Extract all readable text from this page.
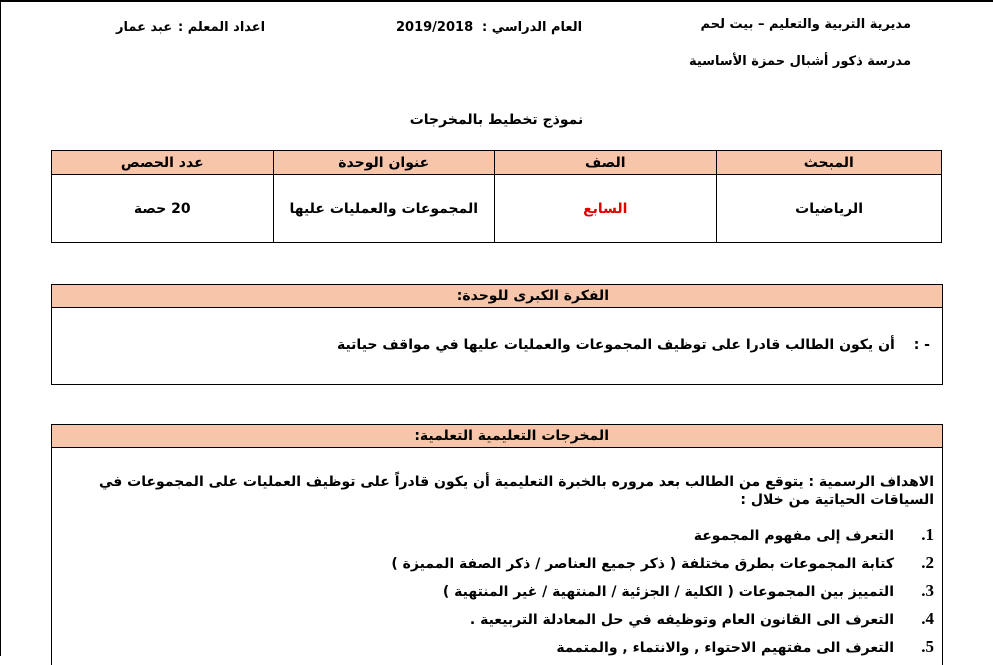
مديرية التربية والتعليم – بيت لحم
مدرسة ذكور أشبال حمزة الأساسية
2019/2018 العام الدراسي :
عبد عمار اعداد المعلم :
نموذج تخطيط بالمخرجات
المبحث	الصف	عنوان الوحدة	عدد الحصص
الرياضيات	السابع	المجموعات والعمليات عليها	20 حصة
الفكرة الكبرى للوحدة:
- : أن يكون الطالب قادرا على توظيف المجموعات والعمليات عليها في مواقف حياتية
المخرجات التعليمية التعلمية:
الاهداف الرسمية : يتوقع من الطالب بعد مروره بالخبرة التعليمية أن يكون قادراً على توظيف العمليات على المجموعات في السياقات الحياتية من خلال :
1.التعرف إلى مفهوم المجموعة
2.كتابة المجموعات بطرق مختلفة ( ذكر جميع العناصر / ذكر الصفة المميزة )
3.التمييز بين المجموعات ( الكلية / الجزئية / المنتهية / غير المنتهية )
4.التعرف الى القانون العام وتوظيفه في حل المعادلة التربيعية .
5.التعرف الى مفتهيم الاحتواء , والانتماء , والمتممة
